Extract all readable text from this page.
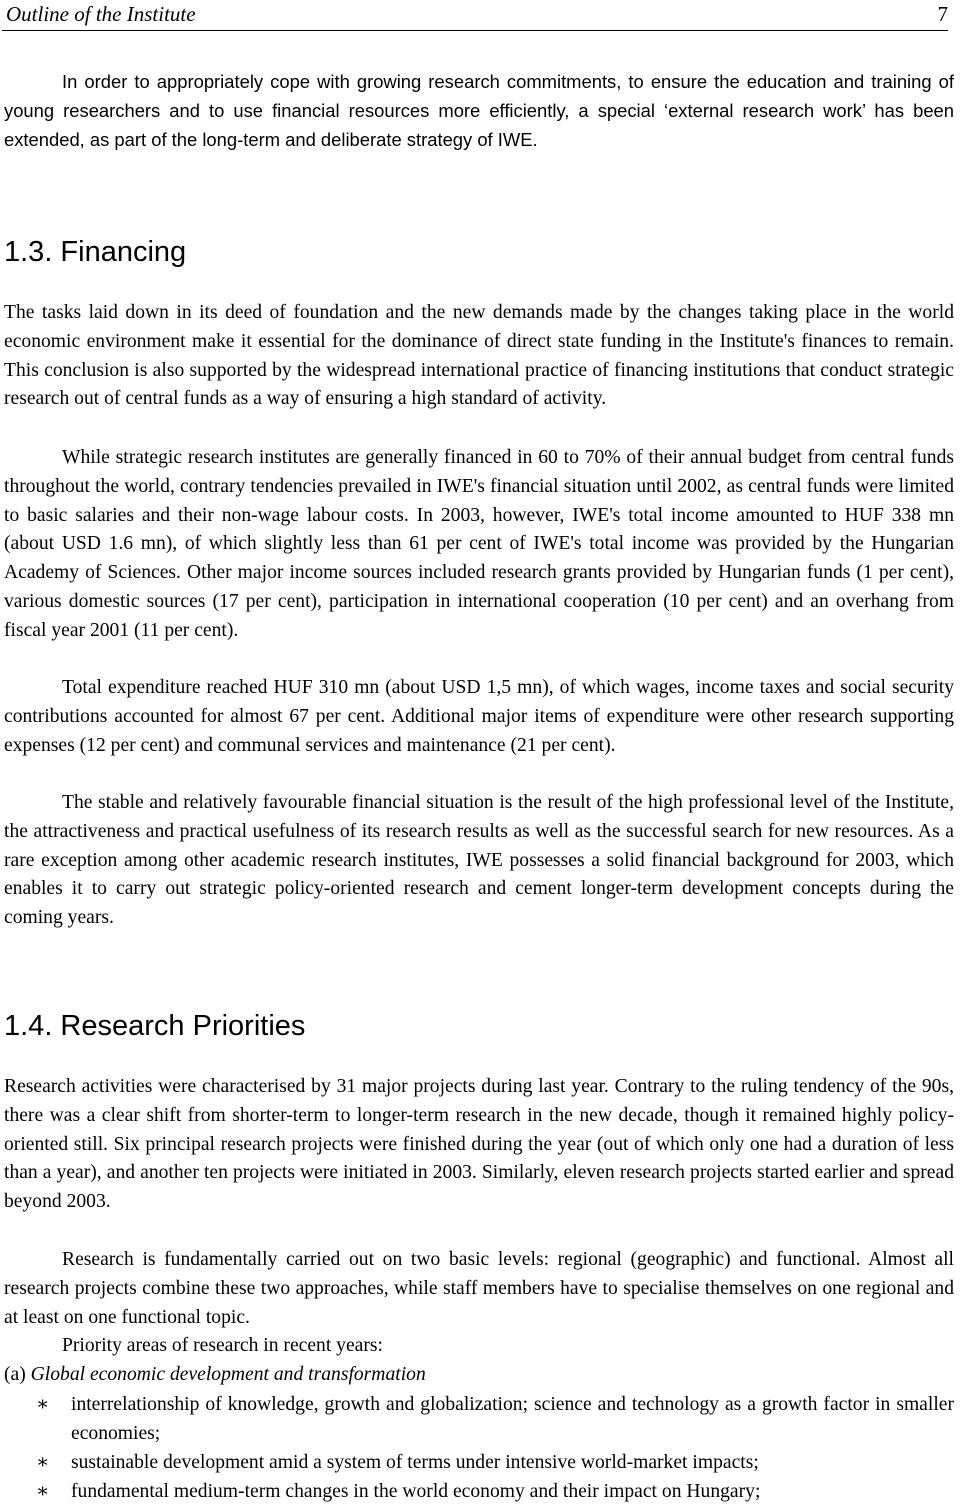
Outline of the Institute	7

In order to appropriately cope with growing research commitments, to ensure the education and training of young researchers and to use financial resources more efficiently, a special ‘external research work’ has been extended, as part of the long-term and deliberate strategy of IWE.

1.3. Financing

The tasks laid down in its deed of foundation and the new demands made by the changes taking place in the world economic environment make it essential for the dominance of direct state funding in the Institute's finances to remain. This conclusion is also supported by the widespread international practice of financing institutions that conduct strategic research out of central funds as a way of ensuring a high standard of activity.

While strategic research institutes are generally financed in 60 to 70% of their annual budget from central funds throughout the world, contrary tendencies prevailed in IWE's financial situation until 2002, as central funds were limited to basic salaries and their non-wage labour costs. In 2003, however, IWE's total income amounted to HUF 338 mn (about USD 1.6 mn), of which slightly less than 61 per cent of IWE's total income was provided by the Hungarian Academy of Sciences. Other major income sources included research grants provided by Hungarian funds (1 per cent), various domestic sources (17 per cent), participation in international cooperation (10 per cent) and an overhang from fiscal year 2001 (11 per cent).

Total expenditure reached HUF 310 mn (about USD 1,5 mn), of which wages, income taxes and social security contributions accounted for almost 67 per cent. Additional major items of expenditure were other research supporting expenses (12 per cent) and communal services and maintenance (21 per cent).

The stable and relatively favourable financial situation is the result of the high professional level of the Institute, the attractiveness and practical usefulness of its research results as well as the successful search for new resources. As a rare exception among other academic research institutes, IWE possesses a solid financial background for 2003, which enables it to carry out strategic policy-oriented research and cement longer-term development concepts during the coming years.

1.4. Research Priorities

Research activities were characterised by 31 major projects during last year. Contrary to the ruling tendency of the 90s, there was a clear shift from shorter-term to longer-term research in the new decade, though it remained highly policy-oriented still. Six principal research projects were finished during the year (out of which only one had a duration of less than a year), and another ten projects were initiated in 2003. Similarly, eleven research projects started earlier and spread beyond 2003.

Research is fundamentally carried out on two basic levels: regional (geographic) and functional. Almost all research projects combine these two approaches, while staff members have to specialise themselves on one regional and at least on one functional topic.

Priority areas of research in recent years:

(a) Global economic development and transformation
∗ interrelationship of knowledge, growth and globalization; science and technology as a growth factor in smaller economies;
∗ sustainable development amid a system of terms under intensive world-market impacts;
∗ fundamental medium-term changes in the world economy and their impact on Hungary;
